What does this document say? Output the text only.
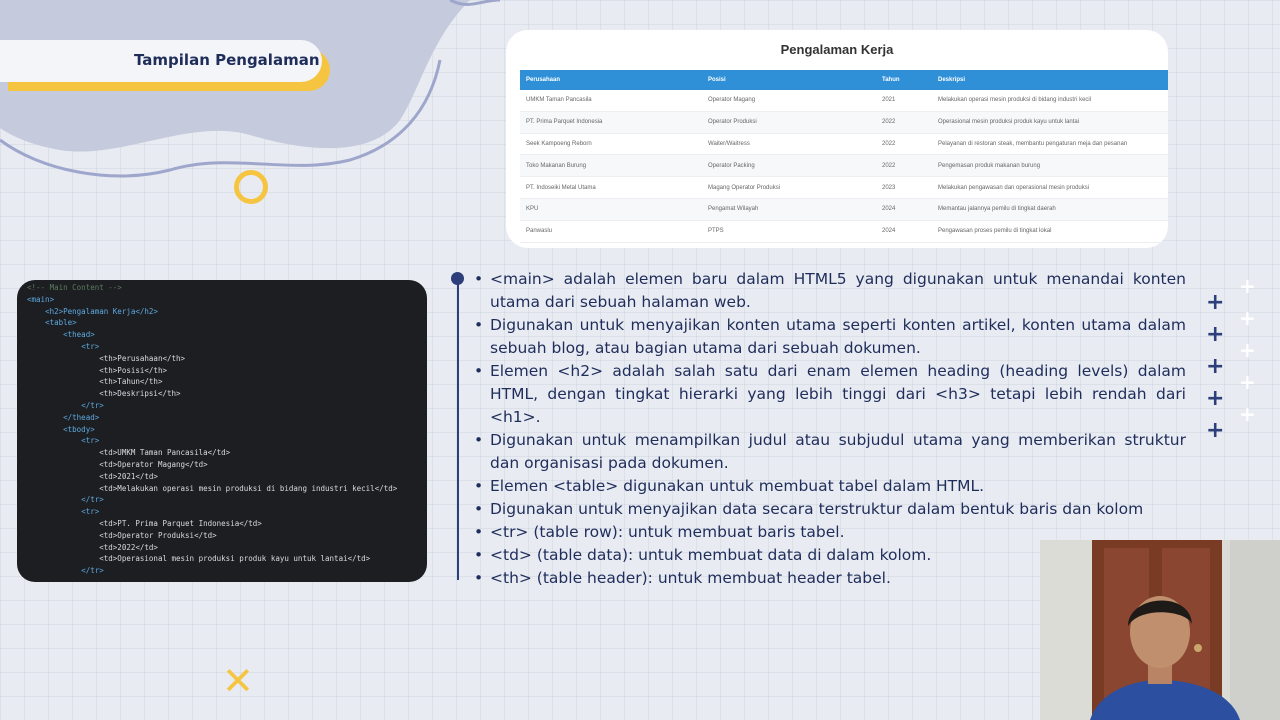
Tampilan Pengalaman
✕
Pengalaman Kerja
Perusahaan	Posisi	Tahun	Deskripsi
UMKM Taman Pancasila	Operator Magang	2021	Melakukan operasi mesin produksi di bidang industri kecil
PT. Prima Parquet Indonesia	Operator Produksi	2022	Operasional mesin produksi produk kayu untuk lantai
Seek Kampoeng Reborn	Waiter/Waitress	2022	Pelayanan di restoran steak, membantu pengaturan meja dan pesanan
Toko Makanan Burung	Operator Packing	2022	Pengemasan produk makanan burung
PT. Indoseiki Metal Utama	Magang Operator Produksi	2023	Melakukan pengawasan dan operasional mesin produksi
KPU	Pengamat Wilayah	2024	Memantau jalannya pemilu di tingkat daerah
Panwaslu	PTPS	2024	Pengawasan proses pemilu di tingkat lokal
<!-- Main Content -->
<main>
<h2>Pengalaman Kerja</h2>
<table>
<thead>
<tr>
<th>Perusahaan</th>
<th>Posisi</th>
<th>Tahun</th>
<th>Deskripsi</th>
</tr>
</thead>
<tbody>
<tr>
<td>UMKM Taman Pancasila</td>
<td>Operator Magang</td>
<td>2021</td>
<td>Melakukan operasi mesin produksi di bidang industri kecil</td>
</tr>
<tr>
<td>PT. Prima Parquet Indonesia</td>
<td>Operator Produksi</td>
<td>2022</td>
<td>Operasional mesin produksi produk kayu untuk lantai</td>
</tr>
• <main> adalah elemen baru dalam HTML5 yang digunakan untuk menandai konten utama dari sebuah halaman web.
• Digunakan untuk menyajikan konten utama seperti konten artikel, konten utama dalam sebuah blog, atau bagian utama dari sebuah dokumen.
• Elemen <h2> adalah salah satu dari enam elemen heading (heading levels) dalam HTML, dengan tingkat hierarki yang lebih tinggi dari <h3> tetapi lebih rendah dari <h1>.
• Digunakan untuk menampilkan judul atau subjudul utama yang memberikan struktur dan organisasi pada dokumen.
• Elemen <table> digunakan untuk membuat tabel dalam HTML.
• Digunakan untuk menyajikan data secara terstruktur dalam bentuk baris dan kolom
• <tr> (table row): untuk membuat baris tabel.
• <td> (table data): untuk membuat data di dalam kolom.
• <th> (table header): untuk membuat header tabel.
+
+
+
+
+
+
+
+
+
+
